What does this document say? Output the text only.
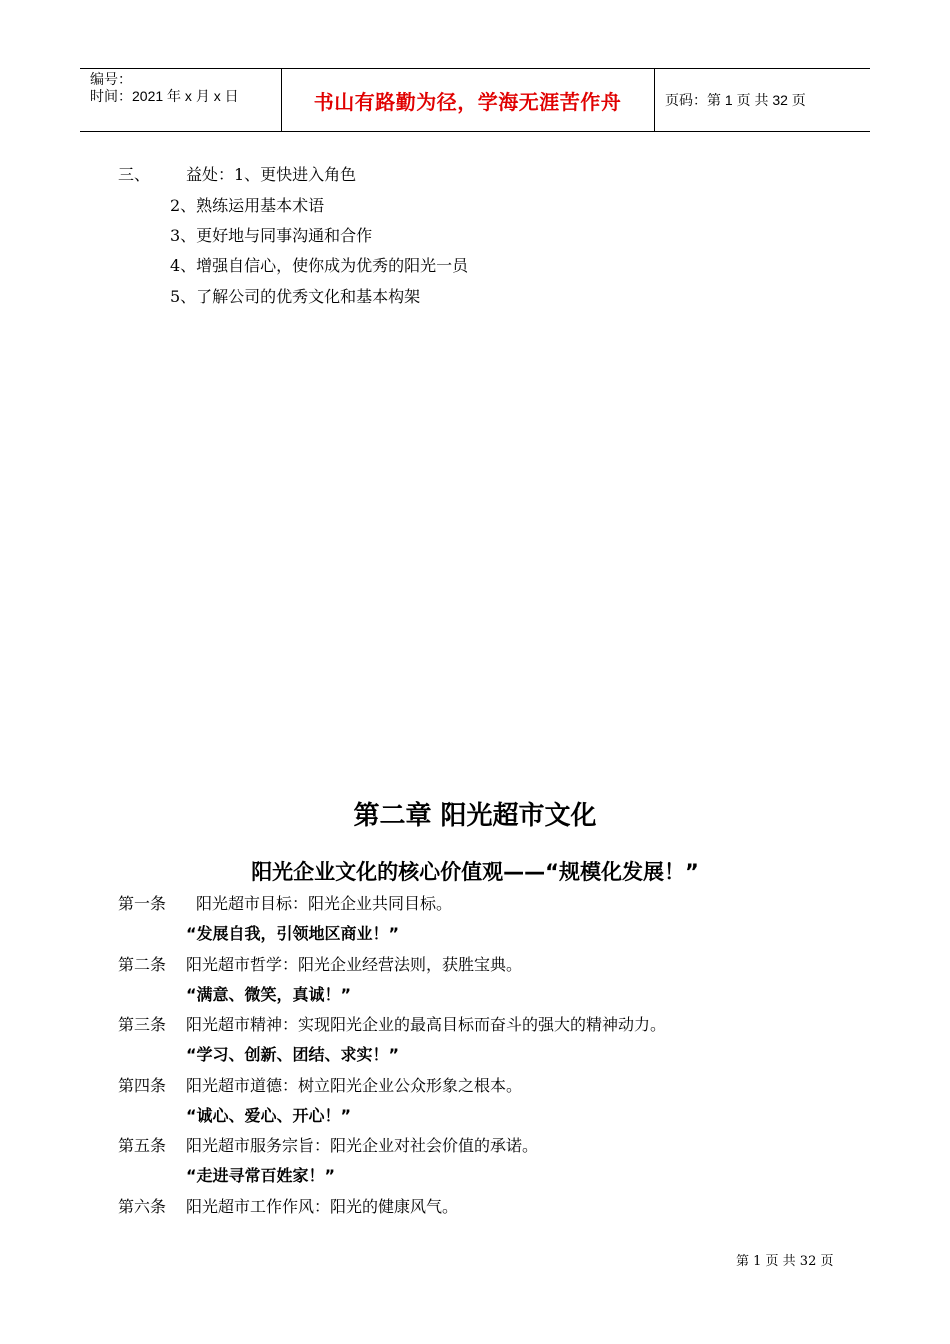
编号：
时间：2021 年 x 月 x 日	书山有路勤为径，学海无涯苦作舟	页码：第 1 页 共 32 页
三、 益处：1、更快进入角色
2、熟练运用基本术语
3、更好地与同事沟通和合作
4、增强自信心，使你成为优秀的阳光一员
5、了解公司的优秀文化和基本构架
第二章 阳光超市文化
阳光企业文化的核心价值观——“规模化发展！”
第一条 阳光超市目标：阳光企业共同目标。
“发展自我，引领地区商业！”
第二条 阳光超市哲学：阳光企业经营法则，获胜宝典。
“满意、微笑，真诚！”
第三条 阳光超市精神：实现阳光企业的最高目标而奋斗的强大的精神动力。
“学习、创新、团结、求实！”
第四条 阳光超市道德：树立阳光企业公众形象之根本。
“诚心、爱心、开心！”
第五条 阳光超市服务宗旨：阳光企业对社会价值的承诺。
“走进寻常百姓家！”
第六条 阳光超市工作作风：阳光的健康风气。
第 1 页 共 32 页
